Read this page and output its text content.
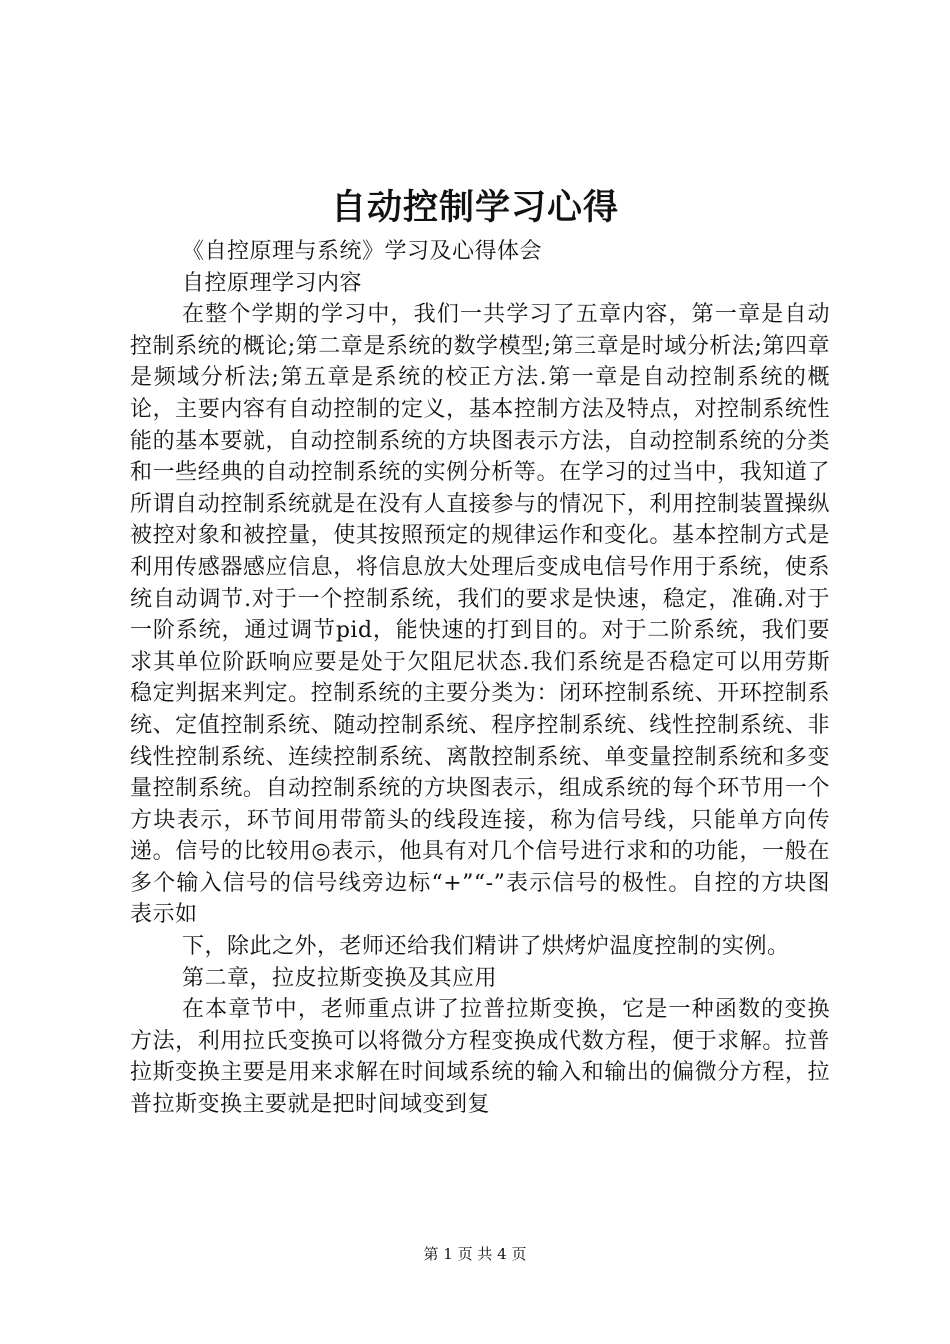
自动控制学习心得

《自控原理与系统》学习及心得体会

自控原理学习内容

在整个学期的学习中，我们一共学习了五章内容，第一章是自动控制系统的概论;第二章是系统的数学模型;第三章是时域分析法;第四章是频域分析法;第五章是系统的校正方法.第一章是自动控制系统的概论，主要内容有自动控制的定义，基本控制方法及特点，对控制系统性能的基本要就，自动控制系统的方块图表示方法，自动控制系统的分类和一些经典的自动控制系统的实例分析等。在学习的过当中，我知道了所谓自动控制系统就是在没有人直接参与的情况下，利用控制装置操纵被控对象和被控量，使其按照预定的规律运作和变化。基本控制方式是利用传感器感应信息，将信息放大处理后变成电信号作用于系统，使系统自动调节.对于一个控制系统，我们的要求是快速，稳定，准确.对于一阶系统，通过调节pid，能快速的打到目的。对于二阶系统，我们要求其单位阶跃响应要是处于欠阻尼状态.我们系统是否稳定可以用劳斯稳定判据来判定。控制系统的主要分类为：闭环控制系统、开环控制系统、定值控制系统、随动控制系统、程序控制系统、线性控制系统、非线性控制系统、连续控制系统、离散控制系统、单变量控制系统和多变量控制系统。自动控制系统的方块图表示，组成系统的每个环节用一个方块表示，环节间用带箭头的线段连接，称为信号线，只能单方向传递。信号的比较用◎表示，他具有对几个信号进行求和的功能，一般在多个输入信号的信号线旁边标“+”“-”表示信号的极性。自控的方块图表示如

下，除此之外，老师还给我们精讲了烘烤炉温度控制的实例。

第二章，拉皮拉斯变换及其应用

在本章节中，老师重点讲了拉普拉斯变换，它是一种函数的变换方法，利用拉氏变换可以将微分方程变换成代数方程，便于求解。拉普拉斯变换主要是用来求解在时间域系统的输入和输出的偏微分方程，拉普拉斯变换主要就是把时间域变到复

第 1 页 共 4 页
